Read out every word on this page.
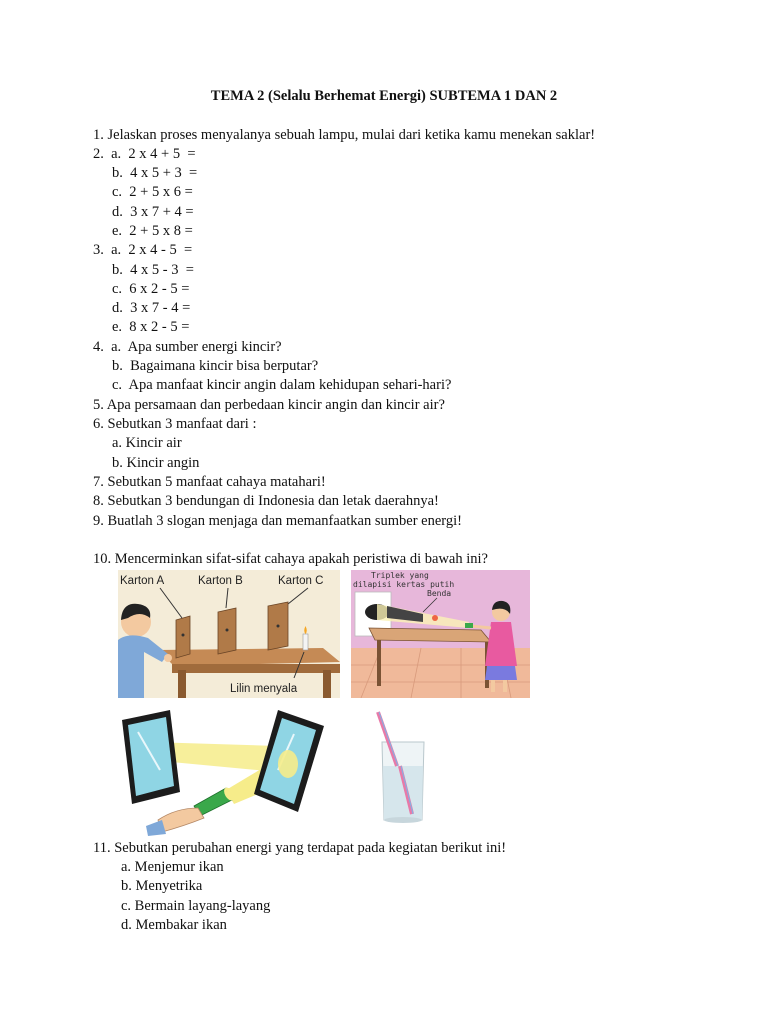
TEMA 2 (Selalu Berhemat Energi) SUBTEMA 1 DAN 2
1. Jelaskan proses menyalanya sebuah lampu, mulai dari ketika kamu menekan saklar!
2.  a.  2 x 4 + 5  =
b.  4 x 5 + 3  =
c.  2 + 5 x 6 =
d.  3 x 7 + 4 =
e.  2 + 5 x 8 =
3.  a.  2 x 4 - 5  =
b.  4 x 5 - 3  =
c.  6 x 2 - 5 =
d.  3 x 7 - 4 =
e.  8 x 2 - 5 =
4.  a.  Apa sumber energi kincir?
b.  Bagaimana kincir bisa berputar?
c.  Apa manfaat kincir angin dalam kehidupan sehari-hari?
5. Apa persamaan dan perbedaan kincir angin dan kincir air?
6. Sebutkan 3 manfaat dari :
a. Kincir air
b. Kincir angin
7. Sebutkan 5 manfaat cahaya matahari!
8. Sebutkan 3 bendungan di Indonesia dan letak daerahnya!
9. Buatlah 3 slogan menjaga dan memanfaatkan sumber energi!
10. Mencerminkan sifat-sifat cahaya apakah peristiwa di bawah ini?
Karton A	Karton B	Karton C
Lilin menyala
Triplek yang
dilapisi kertas putih
Benda
11. Sebutkan perubahan energi yang terdapat pada kegiatan berikut ini!
a. Menjemur ikan
b. Menyetrika
c. Bermain layang-layang
d. Membakar ikan
